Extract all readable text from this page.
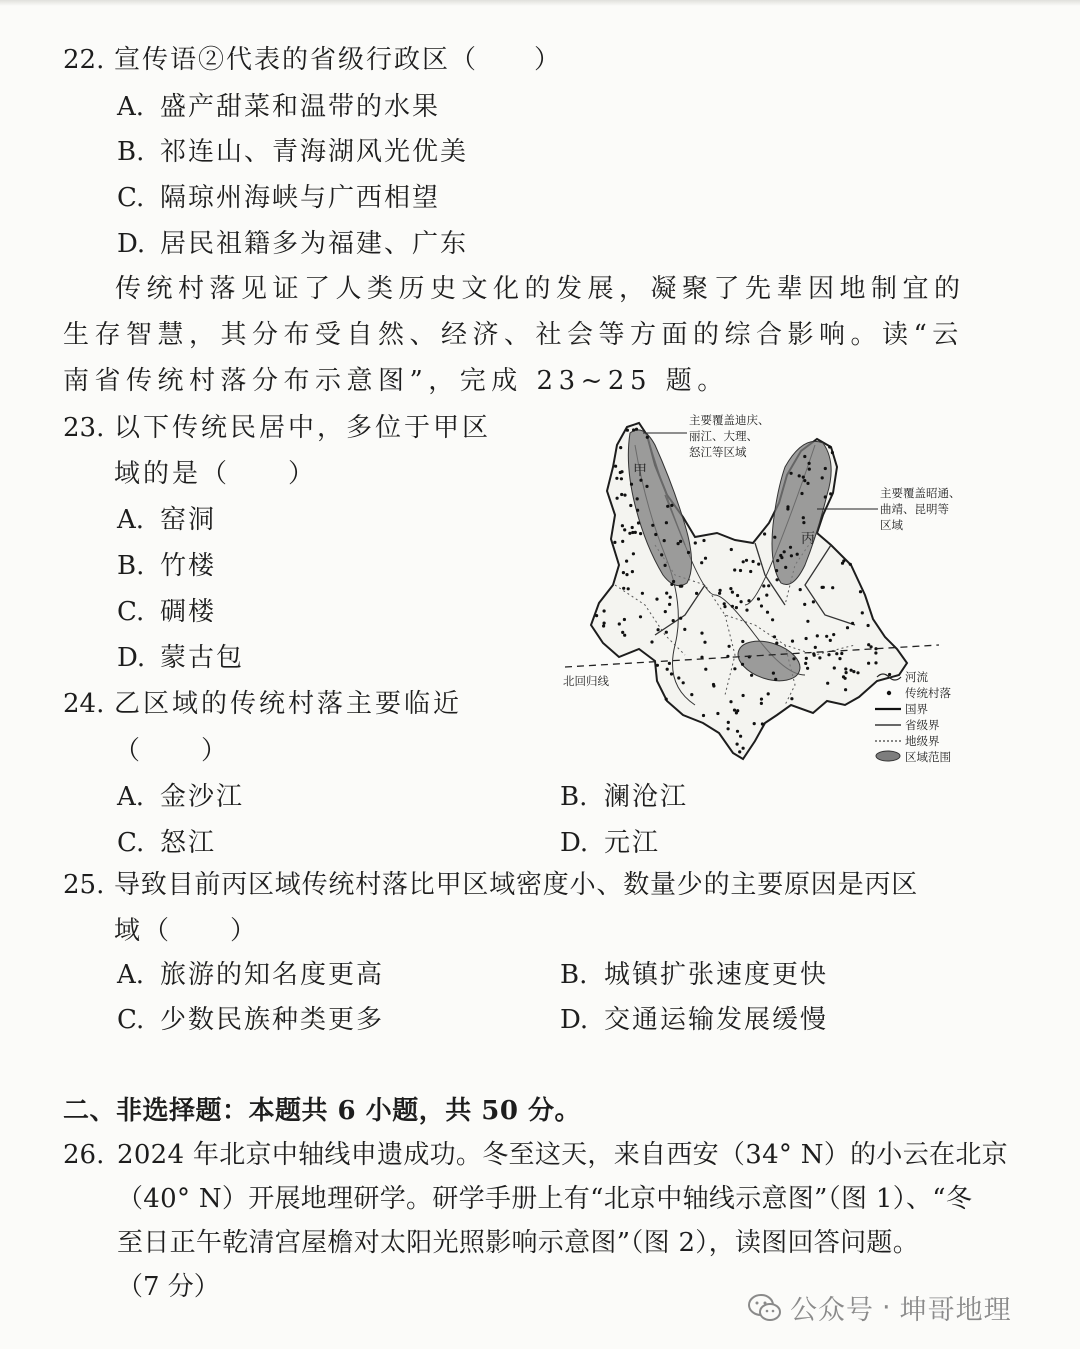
22. 宣传语②代表的省级行政区（　　）
A. 盛产甜菜和温带的水果
B. 祁连山、青海湖风光优美
C. 隔琼州海峡与广西相望
D. 居民祖籍多为福建、广东
传统村落见证了人类历史文化的发展，凝聚了先辈因地制宜的生存智慧，其分布受自然、经济、社会等方面的综合影响。读“云南省传统村落分布示意图”，完成 23~25 题。
23. 以下传统民居中，多位于甲区
域的是（　　）
A. 窑洞
B. 竹楼
C. 碉楼
D. 蒙古包
24. 乙区域的传统村落主要临近
（　　）
A. 金沙江	B. 澜沧江
C. 怒江	D. 元江
25. 导致目前丙区域传统村落比甲区域密度小、数量少的主要原因是丙区
域（　　）
A. 旅游的知名度更高	B. 城镇扩张速度更快
C. 少数民族种类更多	D. 交通运输发展缓慢
二、非选择题：本题共 6 小题，共 50 分。
26. 2024 年北京中轴线申遗成功。冬至这天，来自西安（34° N）的小云在北京
（40° N）开展地理研学。研学手册上有“北京中轴线示意图”（图 1）、“冬
至日正午乾清宫屋檐对太阳光照影响示意图”（图 2），读图回答问题。
（7 分）
甲
丙
北回归线
主要覆盖迪庆、
丽江、大理、
怒江等区域
主要覆盖昭通、
曲靖、昆明等
区域
河流
传统村落
国界
省级界
地级界
区域范围
公众号 · 坤哥地理
